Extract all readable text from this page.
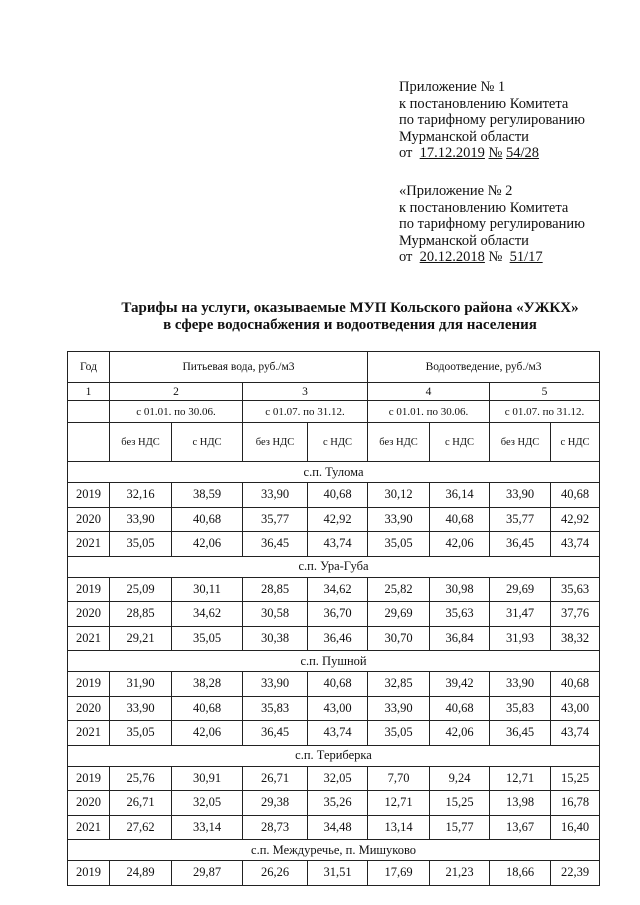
Приложение № 1
к постановлению Комитета
по тарифному регулированию
Мурманской области
от 17.12.2019 № 54/28
«Приложение № 2
к постановлению Комитета
по тарифному регулированию
Мурманской области
от 20.12.2018 № 51/17
Тарифы на услуги, оказываемые МУП Кольского района «УЖКХ»
в сфере водоснабжения и водоотведения для населения
Год	Питьевая вода, руб./м3				Водоотведение, руб./м3			
1	2		3		4		5	
	с 01.01. по 30.06.		с 01.07. по 31.12.		с 01.01. по 30.06.		с 01.07. по 31.12.	
	без НДС	с НДС	без НДС	с НДС	без НДС	с НДС	без НДС	с НДС
с.п. Тулома								
2019	32,16	38,59	33,90	40,68	30,12	36,14	33,90	40,68
2020	33,90	40,68	35,77	42,92	33,90	40,68	35,77	42,92
2021	35,05	42,06	36,45	43,74	35,05	42,06	36,45	43,74
с.п. Ура-Губа								
2019	25,09	30,11	28,85	34,62	25,82	30,98	29,69	35,63
2020	28,85	34,62	30,58	36,70	29,69	35,63	31,47	37,76
2021	29,21	35,05	30,38	36,46	30,70	36,84	31,93	38,32
с.п. Пушной								
2019	31,90	38,28	33,90	40,68	32,85	39,42	33,90	40,68
2020	33,90	40,68	35,83	43,00	33,90	40,68	35,83	43,00
2021	35,05	42,06	36,45	43,74	35,05	42,06	36,45	43,74
с.п. Териберка								
2019	25,76	30,91	26,71	32,05	7,70	9,24	12,71	15,25
2020	26,71	32,05	29,38	35,26	12,71	15,25	13,98	16,78
2021	27,62	33,14	28,73	34,48	13,14	15,77	13,67	16,40
с.п. Междуречье, п. Мишуково								
2019	24,89	29,87	26,26	31,51	17,69	21,23	18,66	22,39
